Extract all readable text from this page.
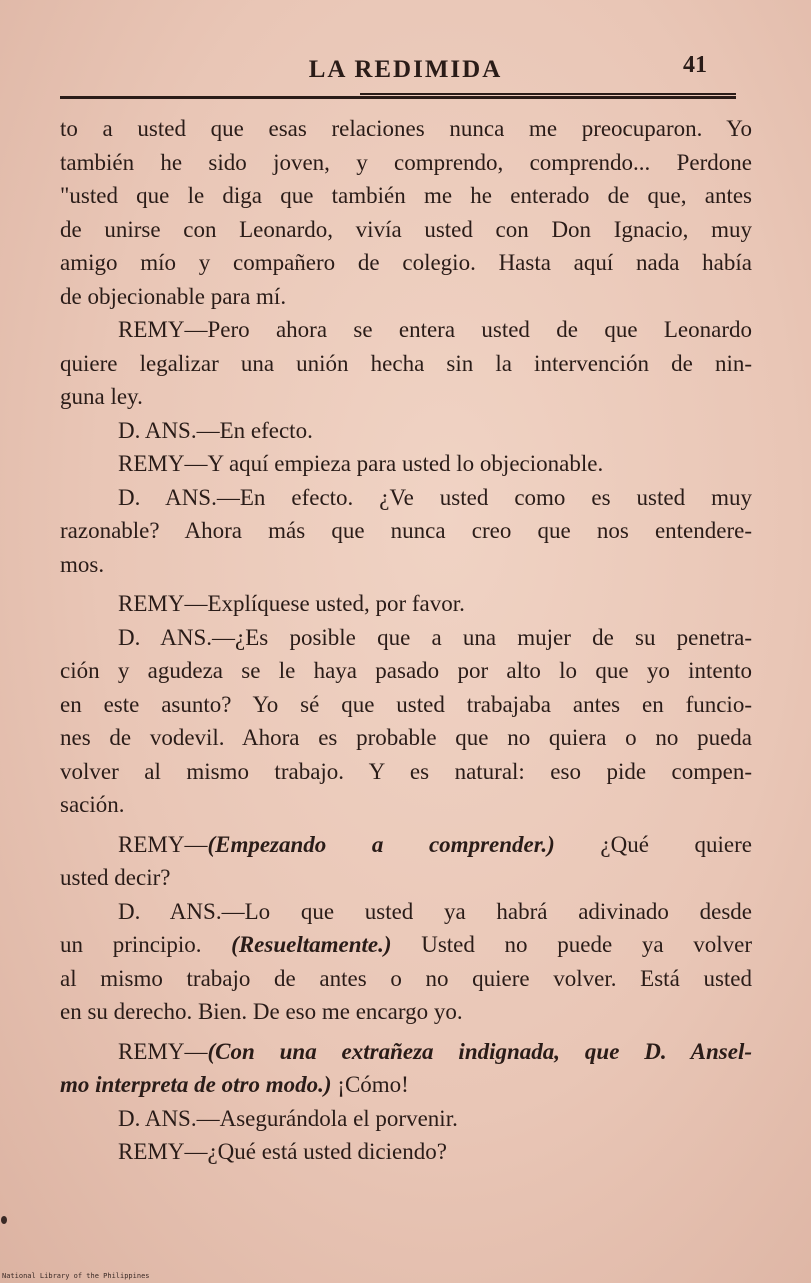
LA REDIMIDA	41
to a usted que esas relaciones nunca me preocuparon. Yo
también he sido joven, y comprendo, comprendo... Perdone
"usted que le diga que también me he enterado de que, antes
de unirse con Leonardo, vivía usted con Don Ignacio, muy
amigo mío y compañero de colegio. Hasta aquí nada había
de objecionable para mí.
REMY—Pero ahora se entera usted de que Leonardo
quiere legalizar una unión hecha sin la intervención de nin-
guna ley.
D. ANS.—En efecto.
REMY—Y aquí empieza para usted lo objecionable.
D. ANS.—En efecto. ¿Ve usted como es usted muy
razonable? Ahora más que nunca creo que nos entendere-
mos.
REMY—Explíquese usted, por favor.
D. ANS.—¿Es posible que a una mujer de su penetra-
ción y agudeza se le haya pasado por alto lo que yo intento
en este asunto? Yo sé que usted trabajaba antes en funcio-
nes de vodevil. Ahora es probable que no quiera o no pueda
volver al mismo trabajo. Y es natural: eso pide compen-
sación.
REMY—(Empezando a comprender.) ¿Qué quiere
usted decir?
D. ANS.—Lo que usted ya habrá adivinado desde
un principio. (Resueltamente.) Usted no puede ya volver
al mismo trabajo de antes o no quiere volver. Está usted
en su derecho. Bien. De eso me encargo yo.
REMY—(Con una extrañeza indignada, que D. Ansel-
mo interpreta de otro modo.) ¡Cómo!
D. ANS.—Asegurándola el porvenir.
REMY—¿Qué está usted diciendo?
National Library of the Philippines
